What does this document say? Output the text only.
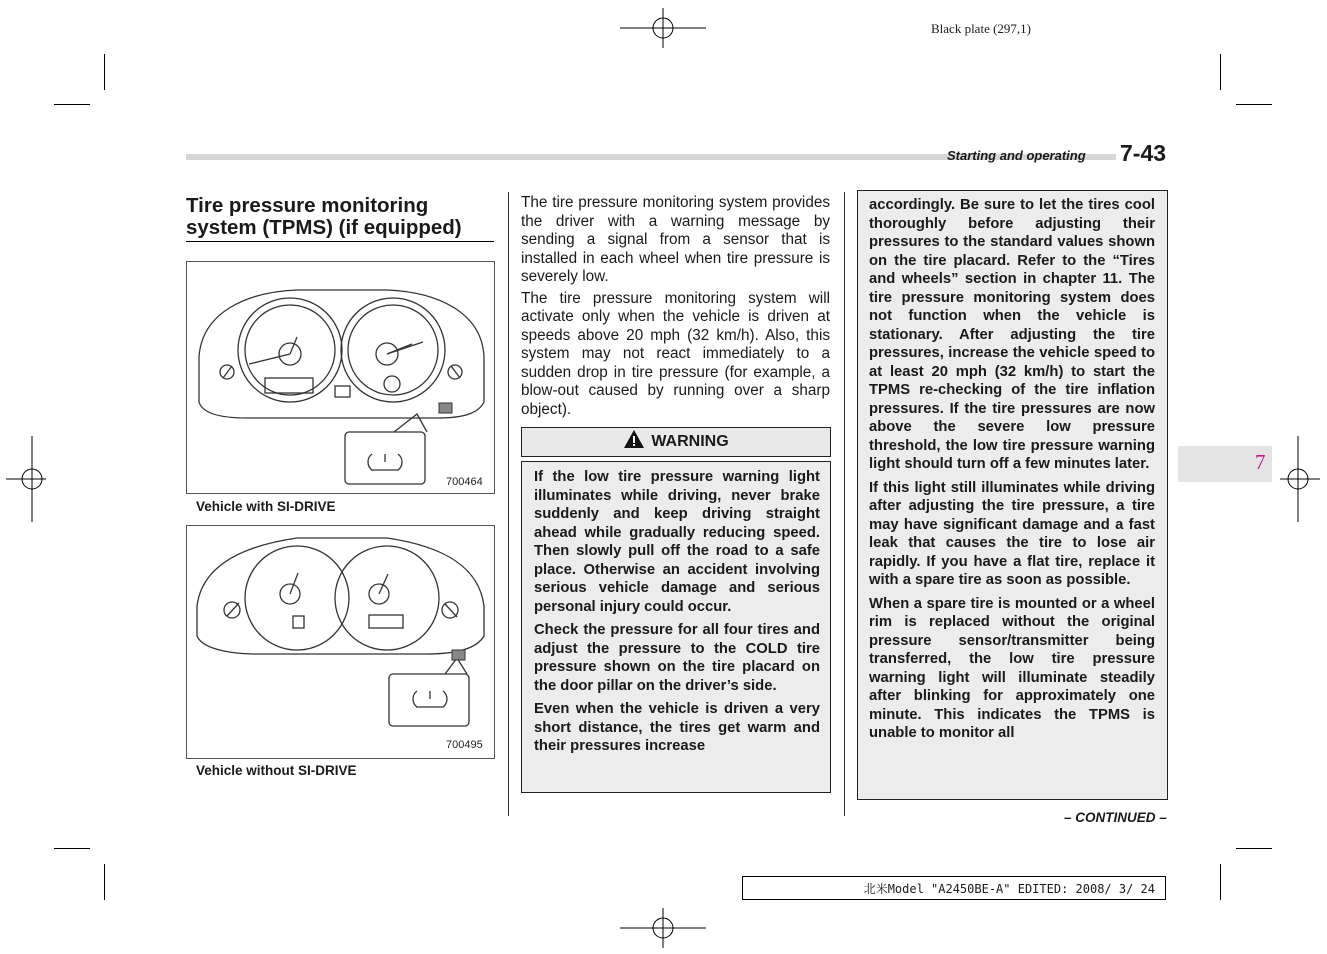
Black plate (297,1)
Starting and operating 7-43
7
Tire pressure monitoring system (TPMS) (if equipped)
700464
Vehicle with SI-DRIVE
700495
Vehicle without SI-DRIVE

The tire pressure monitoring system provides the driver with a warning message by sending a signal from a sensor that is installed in each wheel when tire pressure is severely low.

The tire pressure monitoring system will activate only when the vehicle is driven at speeds above 20 mph (32 km/h). Also, this system may not react immediately to a sudden drop in tire pressure (for example, a blow-out caused by running over a sharp object).

WARNING

If the low tire pressure warning light illuminates while driving, never brake suddenly and keep driving straight ahead while gradually reducing speed. Then slowly pull off the road to a safe place. Otherwise an accident involving serious vehicle damage and serious personal injury could occur.

Check the pressure for all four tires and adjust the pressure to the COLD tire pressure shown on the tire placard on the door pillar on the driver’s side.

Even when the vehicle is driven a very short distance, the tires get warm and their pressures increase

accordingly. Be sure to let the tires cool thoroughly before adjusting their pressures to the standard values shown on the tire placard. Refer to the “Tires and wheels” section in chapter 11. The tire pressure monitoring system does not function when the vehicle is stationary. After adjusting the tire pressures, increase the vehicle speed to at least 20 mph (32 km/h) to start the TPMS re-checking of the tire inflation pressures. If the tire pressures are now above the severe low pressure threshold, the low tire pressure warning light should turn off a few minutes later.

If this light still illuminates while driving after adjusting the tire pressure, a tire may have significant damage and a fast leak that causes the tire to lose air rapidly. If you have a flat tire, replace it with a spare tire as soon as possible.

When a spare tire is mounted or a wheel rim is replaced without the original pressure sensor/transmitter being transferred, the low tire pressure warning light will illuminate steadily after blinking for approximately one minute. This indicates the TPMS is unable to monitor all

– CONTINUED –
北米Model "A2450BE-A" EDITED: 2008/ 3/ 24
